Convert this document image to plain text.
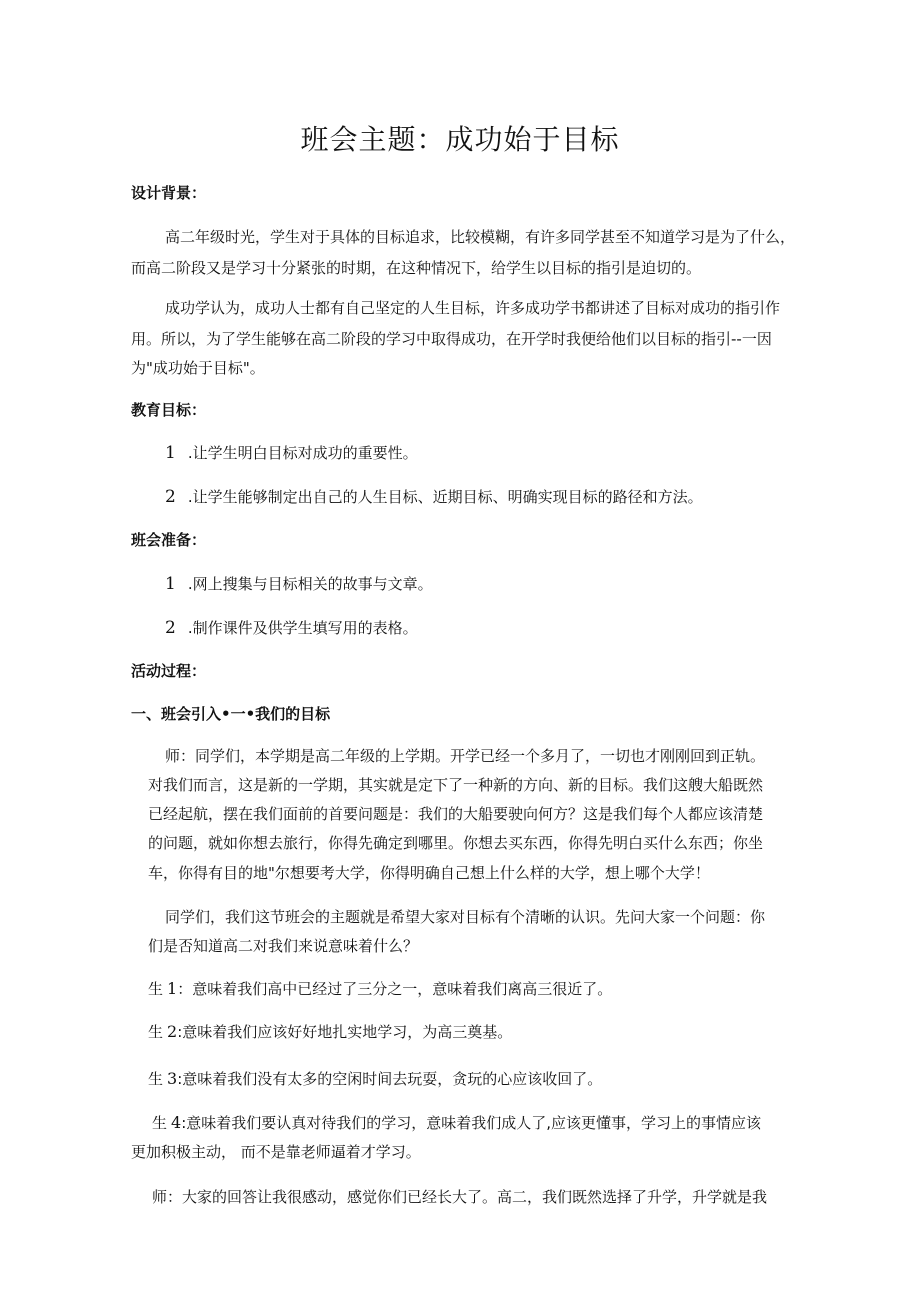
班会主题：成功始于目标
设计背景：
高二年级时光，学生对于具体的目标追求，比较模糊，有许多同学甚至不知道学习是为了什么，
而高二阶段又是学习十分紧张的时期，在这种情况下，给学生以目标的指引是迫切的。
成功学认为，成功人士都有自己坚定的人生目标，许多成功学书都讲述了目标对成功的指引作
用。所以，为了学生能够在高二阶段的学习中取得成功，在开学时我便给他们以目标的指引--一因
为"成功始于目标"。
教育目标：
1 .让学生明白目标对成功的重要性。
2 .让学生能够制定出自己的人生目标、近期目标、明确实现目标的路径和方法。
班会准备：
1 .网上搜集与目标相关的故事与文章。
2 .制作课件及供学生填写用的表格。
活动过程：
一、班会引入•一•我们的目标
师：同学们，本学期是高二年级的上学期。开学已经一个多月了，一切也才刚刚回到正轨。
对我们而言，这是新的一学期，其实就是定下了一种新的方向、新的目标。我们这艘大船既然
已经起航，摆在我们面前的首要问题是：我们的大船要驶向何方？这是我们每个人都应该清楚
的问题，就如你想去旅行，你得先确定到哪里。你想去买东西，你得先明白买什么东西；你坐
车，你得有目的地"尔想要考大学，你得明确自己想上什么样的大学，想上哪个大学！
同学们，我们这节班会的主题就是希望大家对目标有个清晰的认识。先问大家一个问题：你
们是否知道高二对我们来说意味着什么？
生 1：意味着我们高中已经过了三分之一，意味着我们离高三很近了。
生 2:意味着我们应该好好地扎实地学习，为高三奠基。
生 3:意味着我们没有太多的空闲时间去玩耍，贪玩的心应该收回了。
生 4:意味着我们要认真对待我们的学习，意味着我们成人了,应该更懂事，学习上的事情应该
更加积极主动， 而不是靠老师逼着才学习。
师：大家的回答让我很感动，感觉你们已经长大了。高二，我们既然选择了升学，升学就是我
